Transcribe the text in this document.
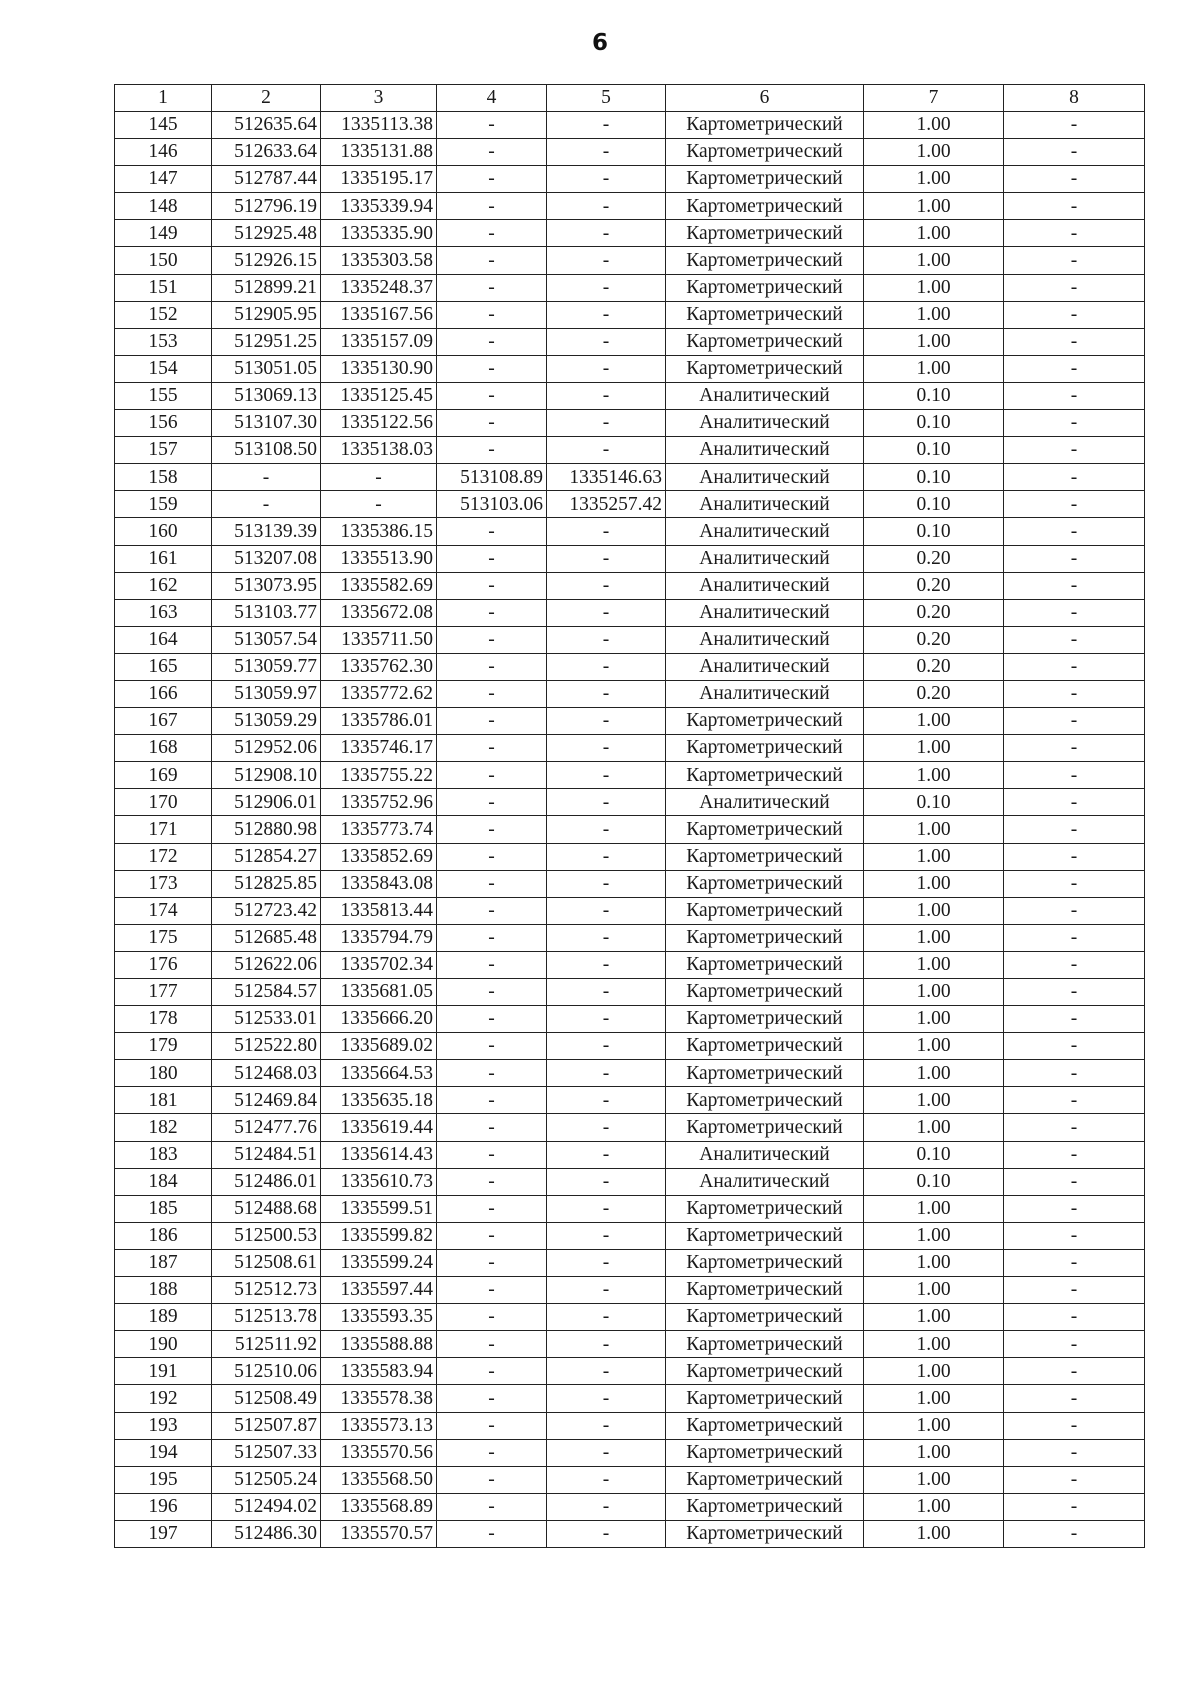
6
1	2	3	4	5	6	7	8
145	512635.64	1335113.38	-	-	Картометрический	1.00	-
146	512633.64	1335131.88	-	-	Картометрический	1.00	-
147	512787.44	1335195.17	-	-	Картометрический	1.00	-
148	512796.19	1335339.94	-	-	Картометрический	1.00	-
149	512925.48	1335335.90	-	-	Картометрический	1.00	-
150	512926.15	1335303.58	-	-	Картометрический	1.00	-
151	512899.21	1335248.37	-	-	Картометрический	1.00	-
152	512905.95	1335167.56	-	-	Картометрический	1.00	-
153	512951.25	1335157.09	-	-	Картометрический	1.00	-
154	513051.05	1335130.90	-	-	Картометрический	1.00	-
155	513069.13	1335125.45	-	-	Аналитический	0.10	-
156	513107.30	1335122.56	-	-	Аналитический	0.10	-
157	513108.50	1335138.03	-	-	Аналитический	0.10	-
158	-	-	513108.89	1335146.63	Аналитический	0.10	-
159	-	-	513103.06	1335257.42	Аналитический	0.10	-
160	513139.39	1335386.15	-	-	Аналитический	0.10	-
161	513207.08	1335513.90	-	-	Аналитический	0.20	-
162	513073.95	1335582.69	-	-	Аналитический	0.20	-
163	513103.77	1335672.08	-	-	Аналитический	0.20	-
164	513057.54	1335711.50	-	-	Аналитический	0.20	-
165	513059.77	1335762.30	-	-	Аналитический	0.20	-
166	513059.97	1335772.62	-	-	Аналитический	0.20	-
167	513059.29	1335786.01	-	-	Картометрический	1.00	-
168	512952.06	1335746.17	-	-	Картометрический	1.00	-
169	512908.10	1335755.22	-	-	Картометрический	1.00	-
170	512906.01	1335752.96	-	-	Аналитический	0.10	-
171	512880.98	1335773.74	-	-	Картометрический	1.00	-
172	512854.27	1335852.69	-	-	Картометрический	1.00	-
173	512825.85	1335843.08	-	-	Картометрический	1.00	-
174	512723.42	1335813.44	-	-	Картометрический	1.00	-
175	512685.48	1335794.79	-	-	Картометрический	1.00	-
176	512622.06	1335702.34	-	-	Картометрический	1.00	-
177	512584.57	1335681.05	-	-	Картометрический	1.00	-
178	512533.01	1335666.20	-	-	Картометрический	1.00	-
179	512522.80	1335689.02	-	-	Картометрический	1.00	-
180	512468.03	1335664.53	-	-	Картометрический	1.00	-
181	512469.84	1335635.18	-	-	Картометрический	1.00	-
182	512477.76	1335619.44	-	-	Картометрический	1.00	-
183	512484.51	1335614.43	-	-	Аналитический	0.10	-
184	512486.01	1335610.73	-	-	Аналитический	0.10	-
185	512488.68	1335599.51	-	-	Картометрический	1.00	-
186	512500.53	1335599.82	-	-	Картометрический	1.00	-
187	512508.61	1335599.24	-	-	Картометрический	1.00	-
188	512512.73	1335597.44	-	-	Картометрический	1.00	-
189	512513.78	1335593.35	-	-	Картометрический	1.00	-
190	512511.92	1335588.88	-	-	Картометрический	1.00	-
191	512510.06	1335583.94	-	-	Картометрический	1.00	-
192	512508.49	1335578.38	-	-	Картометрический	1.00	-
193	512507.87	1335573.13	-	-	Картометрический	1.00	-
194	512507.33	1335570.56	-	-	Картометрический	1.00	-
195	512505.24	1335568.50	-	-	Картометрический	1.00	-
196	512494.02	1335568.89	-	-	Картометрический	1.00	-
197	512486.30	1335570.57	-	-	Картометрический	1.00	-
